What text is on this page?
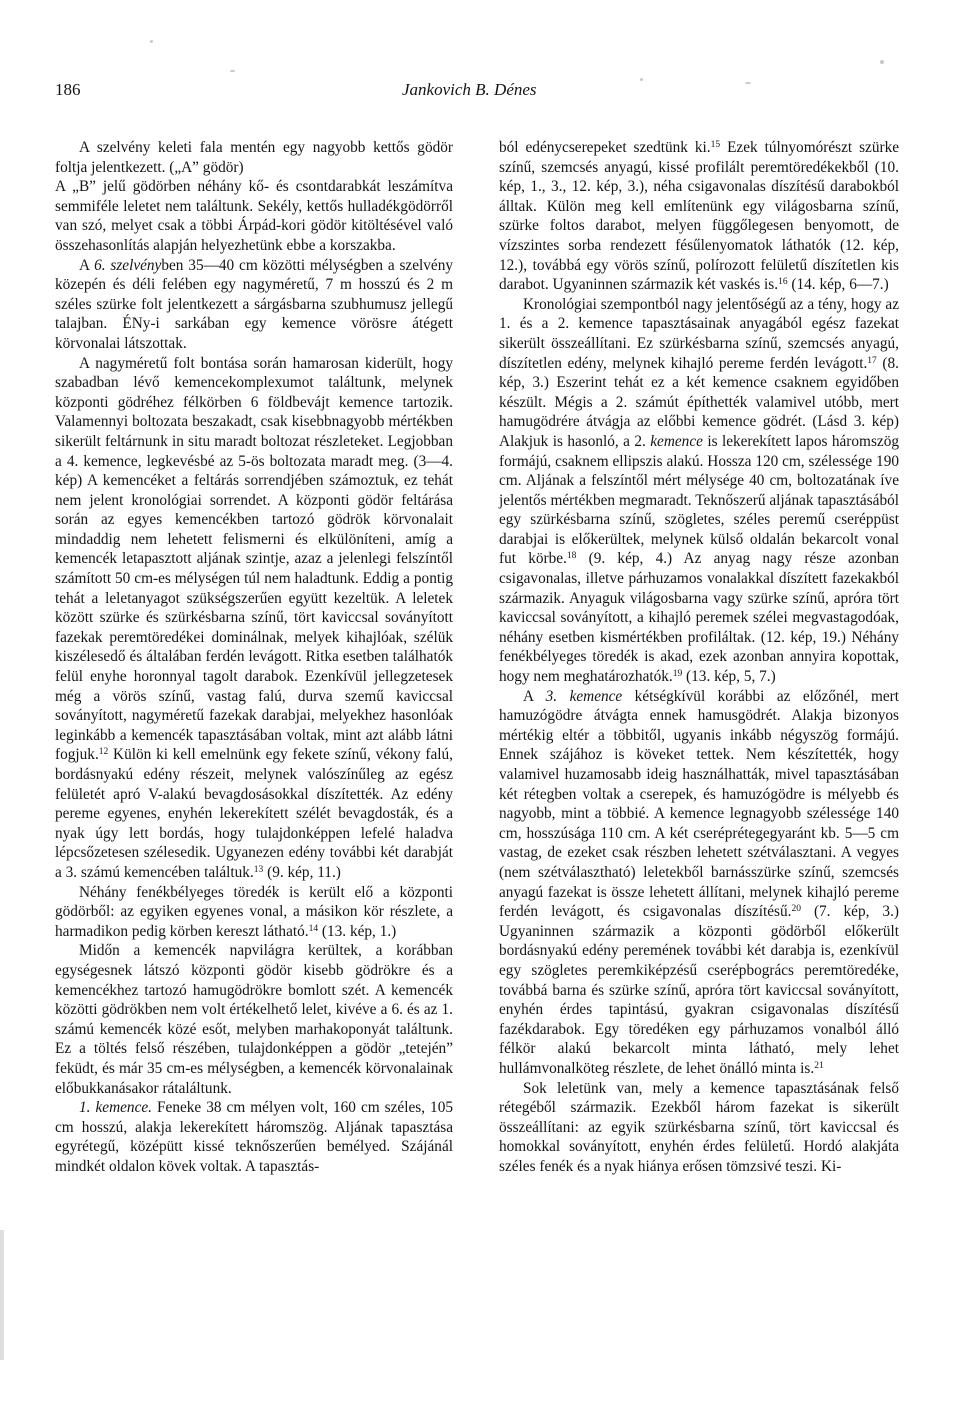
186	Jankovich B. Dénes

A szelvény keleti fala mentén egy nagyobb kettős gödör foltja jelentkezett. („A” gödör)

A „B” jelű gödörben néhány kő- és csontdarabkát leszámítva semmiféle leletet nem találtunk. Sekély, kettős hulladékgödörről van szó, melyet csak a többi Árpád-kori gödör kitöltésével való összehasonlítás alapján helyezhetünk ebbe a korszakba.

A 6. szelvényben 35—40 cm közötti mélységben a szelvény közepén és déli felében egy nagyméretű, 7 m hosszú és 2 m széles szürke folt jelentkezett a sárgásbarna szubhumusz jellegű talajban. ÉNy-i sarkában egy kemence vörösre átégett körvonalai látszottak.

A nagyméretű folt bontása során hamarosan kiderült, hogy szabadban lévő kemencekomplexumot találtunk, melynek központi gödréhez félkörben 6 földbevájt kemence tartozik. Valamennyi boltozata beszakadt, csak kisebbnagyobb mértékben sikerült feltárnunk in situ maradt boltozat részleteket. Legjobban a 4. kemence, legkevésbé az 5-ös boltozata maradt meg. (3—4. kép) A kemencéket a feltárás sorrendjében számoztuk, ez tehát nem jelent kronológiai sorrendet. A központi gödör feltárása során az egyes kemencékben tartozó gödrök körvonalait mindaddig nem lehetett felismerni és elkülöníteni, amíg a kemencék letapasztott aljának szintje, azaz a jelenlegi felszíntől számított 50 cm-es mélységen túl nem haladtunk. Eddig a pontig tehát a leletanyagot szükségszerűen együtt kezeltük. A leletek között szürke és szürkésbarna színű, tört kaviccsal soványított fazekak peremtöredékei dominálnak, melyek kihajlóak, szélük kiszélesedő és általában ferdén levágott. Ritka esetben találhatók felül enyhe horonnyal tagolt darabok. Ezenkívül jellegzetesek még a vörös színű, vastag falú, durva szemű kaviccsal soványított, nagyméretű fazekak darabjai, melyekhez hasonlóak leginkább a kemencék tapasztásában voltak, mint azt alább látni fogjuk.$^{12}$ Külön ki kell emelnünk egy fekete színű, vékony falú, bordásnyakú edény részeit, melynek valószínűleg az egész felületét apró V-alakú bevagdosásokkal díszítették. Az edény pereme egyenes, enyhén lekerekített szélét bevagdosták, és a nyak úgy lett bordás, hogy tulajdonképpen lefelé haladva lépcsőzetesen szélesedik. Ugyanezen edény további két darabját a 3. számú kemencében találtuk.$^{13}$ (9. kép, 11.)

Néhány fenékbélyeges töredék is került elő a központi gödörből: az egyiken egyenes vonal, a másikon kör részlete, a harmadikon pedig körben kereszt látható.$^{14}$ (13. kép, 1.)

Midőn a kemencék napvilágra kerültek, a korábban egységesnek látszó központi gödör kisebb gödrökre és a kemencékhez tartozó hamugödrökre bomlott szét. A kemencék közötti gödrökben nem volt értékelhető lelet, kivéve a 6. és az 1. számú kemencék közé esőt, melyben marhakoponyát találtunk. Ez a töltés felső részében, tulajdonképpen a gödör „tetején” feküdt, és már 35 cm-es mélységben, a kemencék körvonalainak előbukkanásakor rátaláltunk.

1. kemence. Feneke 38 cm mélyen volt, 160 cm széles, 105 cm hosszú, alakja lekerekített háromszög. Aljának tapasztása egyrétegű, középütt kissé teknőszerűen bemélyed. Szájánál mindkét oldalon kövek voltak. A tapasztás-

ból edénycserepeket szedtünk ki.$^{15}$ Ezek túlnyomórészt szürke színű, szemcsés anyagú, kissé profilált peremtöredékekből (10. kép, 1., 3., 12. kép, 3.), néha csigavonalas díszítésű darabokból álltak. Külön meg kell említenünk egy világosbarna színű, szürke foltos darabot, melyen függőlegesen benyomott, de vízszintes sorba rendezett fésűlenyomatok láthatók (12. kép, 12.), továbbá egy vörös színű, polírozott felületű díszítetlen kis darabot. Ugyaninnen származik két vaskés is.$^{16}$ (14. kép, 6—7.)

Kronológiai szempontból nagy jelentőségű az a tény, hogy az 1. és a 2. kemence tapasztásainak anyagából egész fazekat sikerült összeállítani. Ez szürkésbarna színű, szemcsés anyagú, díszítetlen edény, melynek kihajló pereme ferdén levágott.$^{17}$ (8. kép, 3.) Eszerint tehát ez a két kemence csaknem egyidőben készült. Mégis a 2. számút építhették valamivel utóbb, mert hamugödrére átvágja az előbbi kemence gödrét. (Lásd 3. kép) Alakjuk is hasonló, a 2. kemence is lekerekített lapos háromszög formájú, csaknem ellipszis alakú. Hossza 120 cm, szélessége 190 cm. Aljának a felszíntől mért mélysége 40 cm, boltozatának íve jelentős mértékben megmaradt. Teknőszerű aljának tapasztásából egy szürkésbarna színű, szögletes, széles peremű cseréppüst darabjai is előkerültek, melynek külső oldalán bekarcolt vonal fut körbe.$^{18}$ (9. kép, 4.) Az anyag nagy része azonban csigavonalas, illetve párhuzamos vonalakkal díszített fazekakból származik. Anyaguk világosbarna vagy szürke színű, apróra tört kaviccsal soványított, a kihajló peremek szélei megvastagodóak, néhány esetben kismértékben profiláltak. (12. kép, 19.) Néhány fenékbélyeges töredék is akad, ezek azonban annyira kopottak, hogy nem meghatározhatók.$^{19}$ (13. kép, 5, 7.)

A 3. kemence kétségkívül korábbi az előzőnél, mert hamuzógödre átvágta ennek hamusgödrét. Alakja bizonyos mértékig eltér a többitől, ugyanis inkább négyszög formájú. Ennek szájához is köveket tettek. Nem készítették, hogy valamivel huzamosabb ideig használhatták, mivel tapasztásában két rétegben voltak a cserepek, és hamuzógödre is mélyebb és nagyobb, mint a többié. A kemence legnagyobb szélessége 140 cm, hosszúsága 110 cm. A két cseréprétegegyaránt kb. 5—5 cm vastag, de ezeket csak részben lehetett szétválasztani. A vegyes (nem szétválasztható) leletekből barnásszürke színű, szemcsés anyagú fazekat is össze lehetett állítani, melynek kihajló pereme ferdén levágott, és csigavonalas díszítésű.$^{20}$ (7. kép, 3.) Ugyaninnen származik a központi gödörből előkerült bordásnyakú edény peremének további két darabja is, ezenkívül egy szögletes peremkiképzésű cserépbogrács peremtöredéke, továbbá barna és szürke színű, apróra tört kaviccsal soványított, enyhén érdes tapintású, gyakran csigavonalas díszítésű fazékdarabok. Egy töredéken egy párhuzamos vonalból álló félkör alakú bekarcolt minta látható, mely lehet hullámvonalköteg részlete, de lehet önálló minta is.$^{21}$

Sok leletünk van, mely a kemence tapasztásának felső rétegéből származik. Ezekből három fazekat is sikerült összeállítani: az egyik szürkésbarna színű, tört kaviccsal és homokkal soványított, enyhén érdes felületű. Hordó alakjáta széles fenék és a nyak hiánya erősen tömzsivé teszi. Ki-
